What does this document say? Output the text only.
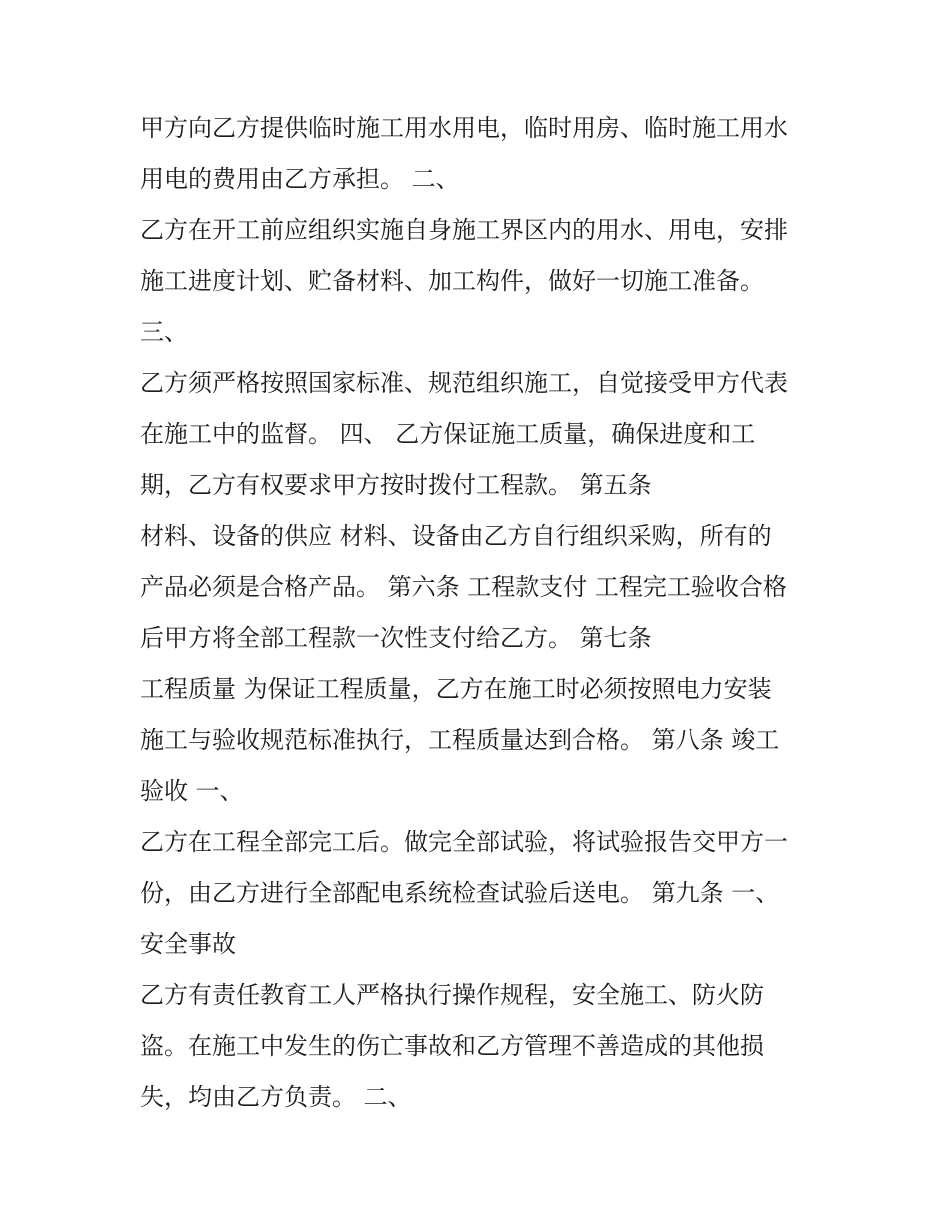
甲方向乙方提供临时施工用水用电，临时用房、临时施工用水

用电的费用由乙方承担。 二、

乙方在开工前应组织实施自身施工界区内的用水、用电，安排

施工进度计划、贮备材料、加工构件，做好一切施工准备。

三、

乙方须严格按照国家标准、规范组织施工，自觉接受甲方代表

在施工中的监督。 四、 乙方保证施工质量，确保进度和工

期，乙方有权要求甲方按时拨付工程款。 第五条

材料、设备的供应 材料、设备由乙方自行组织采购，所有的

产品必须是合格产品。 第六条 工程款支付 工程完工验收合格

后甲方将全部工程款一次性支付给乙方。 第七条

工程质量 为保证工程质量，乙方在施工时必须按照电力安装

施工与验收规范标准执行，工程质量达到合格。 第八条 竣工

验收 一、

乙方在工程全部完工后。做完全部试验，将试验报告交甲方一

份，由乙方进行全部配电系统检查试验后送电。 第九条 一、

安全事故

乙方有责任教育工人严格执行操作规程，安全施工、防火防

盗。在施工中发生的伤亡事故和乙方管理不善造成的其他损

失，均由乙方负责。 二、
